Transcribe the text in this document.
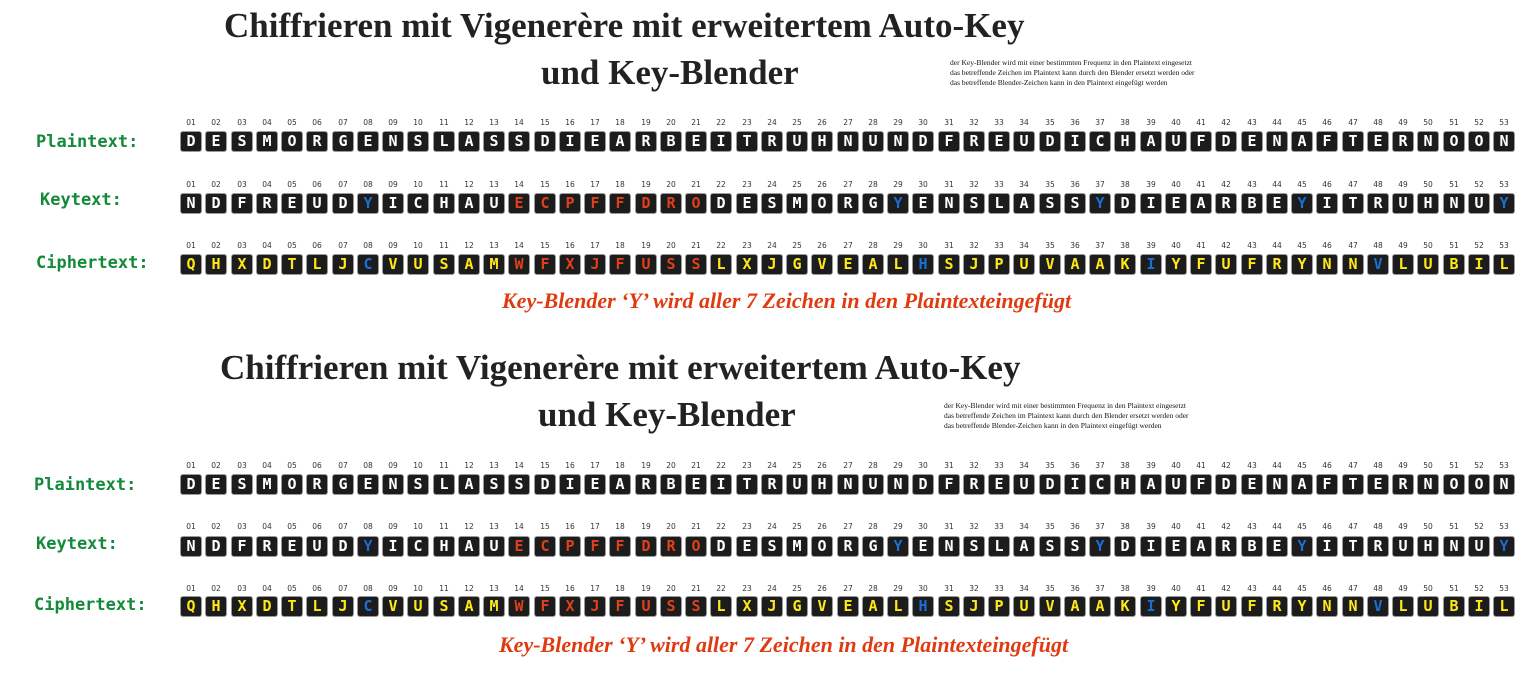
Chiffrieren mit Vigenerère mit erweitertem Auto-Key
und Key-Blender	der Key-Blender wird mit einer bestimmten Frequenz in den Plaintext eingesetzt
das betreffende Zeichen im Plaintext kann durch den Blender ersetzt werden oder
das betreffende Blender-Zeichen kann in den Plaintext eingefügt werden
Plaintext:
01	02	03	04	05	06	07	08	09	10	11	12	13	14	15	16	17	18	19	20	21	22	23	24	25	26	27	28	29	30	31	32	33	34	35	36	37	38	39	40	41	42	43	44	45	46	47	48	49	50	51	52	53
D	E	S	M	O	R	G	E	N	S	L	A	S	S	D	I	E	A	R	B	E	I	T	R	U	H	N	U	N	D	F	R	E	U	D	I	C	H	A	U	F	D	E	N	A	F	T	E	R	N	O	O	N
Keytext:
01	02	03	04	05	06	07	08	09	10	11	12	13	14	15	16	17	18	19	20	21	22	23	24	25	26	27	28	29	30	31	32	33	34	35	36	37	38	39	40	41	42	43	44	45	46	47	48	49	50	51	52	53
N	D	F	R	E	U	D	Y	I	C	H	A	U	E	C	P	F	F	D	R	O	D	E	S	M	O	R	G	Y	E	N	S	L	A	S	S	Y	D	I	E	A	R	B	E	Y	I	T	R	U	H	N	U	Y
Ciphertext:
01	02	03	04	05	06	07	08	09	10	11	12	13	14	15	16	17	18	19	20	21	22	23	24	25	26	27	28	29	30	31	32	33	34	35	36	37	38	39	40	41	42	43	44	45	46	47	48	49	50	51	52	53
Q	H	X	D	T	L	J	C	V	U	S	A	M	W	F	X	J	F	U	S	S	L	X	J	G	V	E	A	L	H	S	J	P	U	V	A	A	K	I	Y	F	U	F	R	Y	N	N	V	L	U	B	I	L
Key-Blender ‘Y’ wird aller 7 Zeichen in den Plaintexteingefügt
Chiffrieren mit Vigenerère mit erweitertem Auto-Key
und Key-Blender	der Key-Blender wird mit einer bestimmten Frequenz in den Plaintext eingesetzt
das betreffende Zeichen im Plaintext kann durch den Blender ersetzt werden oder
das betreffende Blender-Zeichen kann in den Plaintext eingefügt werden
Plaintext:
01	02	03	04	05	06	07	08	09	10	11	12	13	14	15	16	17	18	19	20	21	22	23	24	25	26	27	28	29	30	31	32	33	34	35	36	37	38	39	40	41	42	43	44	45	46	47	48	49	50	51	52	53
D	E	S	M	O	R	G	E	N	S	L	A	S	S	D	I	E	A	R	B	E	I	T	R	U	H	N	U	N	D	F	R	E	U	D	I	C	H	A	U	F	D	E	N	A	F	T	E	R	N	O	O	N
Keytext:
01	02	03	04	05	06	07	08	09	10	11	12	13	14	15	16	17	18	19	20	21	22	23	24	25	26	27	28	29	30	31	32	33	34	35	36	37	38	39	40	41	42	43	44	45	46	47	48	49	50	51	52	53
N	D	F	R	E	U	D	Y	I	C	H	A	U	E	C	P	F	F	D	R	O	D	E	S	M	O	R	G	Y	E	N	S	L	A	S	S	Y	D	I	E	A	R	B	E	Y	I	T	R	U	H	N	U	Y
Ciphertext:
01	02	03	04	05	06	07	08	09	10	11	12	13	14	15	16	17	18	19	20	21	22	23	24	25	26	27	28	29	30	31	32	33	34	35	36	37	38	39	40	41	42	43	44	45	46	47	48	49	50	51	52	53
Q	H	X	D	T	L	J	C	V	U	S	A	M	W	F	X	J	F	U	S	S	L	X	J	G	V	E	A	L	H	S	J	P	U	V	A	A	K	I	Y	F	U	F	R	Y	N	N	V	L	U	B	I	L
Key-Blender ‘Y’ wird aller 7 Zeichen in den Plaintexteingefügt
